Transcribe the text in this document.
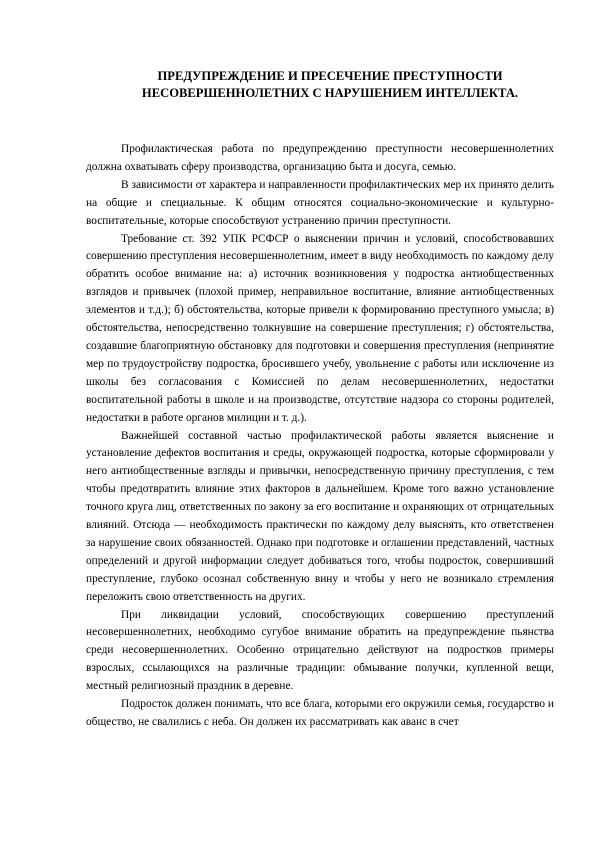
ПРЕДУПРЕЖДЕНИЕ И ПРЕСЕЧЕНИЕ ПРЕСТУПНОСТИ
НЕСОВЕРШЕННОЛЕТНИХ С НАРУШЕНИЕМ ИНТЕЛЛЕКТА.

Профилактическая работа по предупреждению преступности несовершеннолетних должна охватывать сферу производства, организацию быта и досуга, семью.

В зависимости от характера и направленности профилактических мер их принято делить на общие и специальные. К общим относятся социально-экономические и культурно-воспитательные, которые способствуют устранению причин преступности.

Требование ст. 392 УПК РСФСР о выяснении причин и условий, способствовавших совершению преступления несовершеннолетним, имеет в виду необходимость по каждому делу обратить особое внимание на: а) источник возникновения у подростка антиобщественных взглядов и привычек (плохой пример, неправильное воспитание, влияние антиобщественных элементов и т.д.); б) обстоятельства, которые привели к формированию преступного умысла; в) обстоятельства, непосредственно толкнувшие на совершение преступления; г) обстоятельства, создавшие благоприятную обстановку для подготовки и совершения преступления (непринятие мер по трудоустройству подростка, бросившего учебу, увольнение с работы или исключение из школы без согласования с Комиссией по делам несовершеннолетних, недостатки воспитательной работы в школе и на производстве, отсутствие надзора со стороны родителей, недостатки в работе органов милиции и т. д.).

Важнейшей составной частью профилактической работы является выяснение и установление дефектов воспитания и среды, окружающей подростка, которые сформировали у него антиобщественные взгляды и привычки, непосредственную причину преступления, с тем чтобы предотвратить влияние этих факторов в дальнейшем. Кроме того важно установление точного круга лиц, ответственных по закону за его воспитание и охраняющих от отрицательных влияний. Отсюда — необходимость практически по каждому делу выяснять, кто ответственен за нарушение своих обязанностей. Однако при подготовке и оглашении представлений, частных определений и другой информации следует добиваться того, чтобы подросток, совершивший преступление, глубоко осознал собственную вину и чтобы у него не возникало стремления переложить свою ответственность на других.

При ликвидации условий, способствующих совершению преступлений несовершеннолетних, необходимо сугубое внимание обратить на предупреждение пьянства среди несовершеннолетних. Особенно отрицательно действуют на подростков примеры взрослых, ссылающихся на различные традиции: обмывание получки, купленной вещи, местный религиозный праздник в деревне.

Подросток должен понимать, что все блага, которыми его окружили семья, государство и общество, не свалились с неба. Он должен их рассматривать как аванс в счет
